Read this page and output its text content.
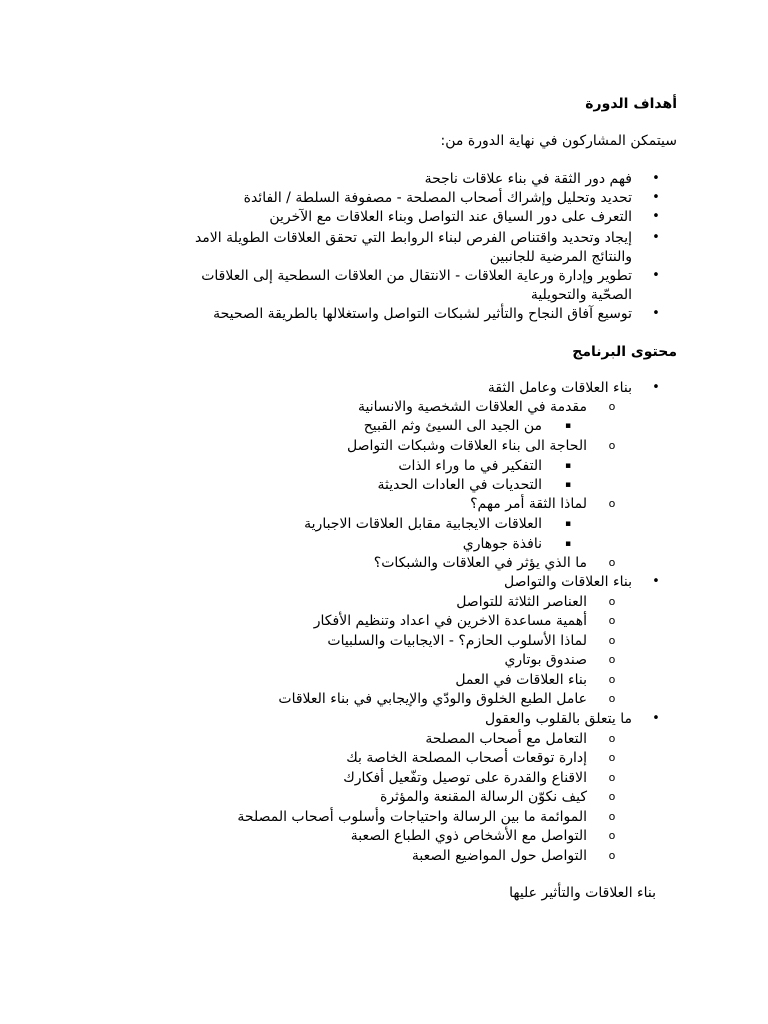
أهداف الدورة
سيتمكن المشاركون في نهاية الدورة من:
•
فهم دور الثقة في بناء علاقات ناجحة
•
تحديد وتحليل وإشراك أصحاب المصلحة - مصفوفة السلطة / الفائدة
•
التعرف على دور السياق عند التواصل وبناء العلاقات مع الآخرين
•
إيجاد وتحديد واقتناص الفرص لبناء الروابط التي تحقق العلاقات الطويلة الامد
والنتائج المرضية للجانبين
•
تطوير وإدارة ورعاية العلاقات - الانتقال من العلاقات السطحية إلى العلاقات
الصحّية والتحويلية
•
توسيع آفاق النجاح والتأثير لشبكات التواصل واستغلالها بالطريقة الصحيحة
محتوى البرنامج
•
بناء العلاقات وعامل الثقة
o
مقدمة في العلاقات الشخصية والانسانية
▪
من الجيد الى السيئ وثم القبيح
o
الحاجة الى بناء العلاقات وشبكات التواصل
▪
التفكير في ما وراء الذات
▪
التحديات في العادات الحديثة
o
لماذا الثقة أمر مهم؟
▪
العلاقات الايجابية مقابل العلاقات الاجبارية
▪
نافذة جوهاري
o
ما الذي يؤثر في العلاقات والشبكات؟
•
بناء العلاقات والتواصل
o
العناصر الثلاثة للتواصل
o
أهمية مساعدة الاخرين في اعداد وتنظيم الأفكار
o
لماذا الأسلوب الحازم؟ - الايجابيات والسلبيات
o
صندوق بوتاري
o
بناء العلاقات في العمل
o
عامل الطبع الخلوق والودّي والإيجابي في بناء العلاقات
•
ما يتعلق بالقلوب والعقول
o
التعامل مع أصحاب المصلحة
o
إدارة توقعات أصحاب المصلحة الخاصة بك
o
الاقناع والقدرة على توصيل وتفّعيل أفكارك
o
كيف نكوّن الرسالة المقنعة والمؤثرة
o
الموائمة ما بين الرسالة واحتياجات وأسلوب أصحاب المصلحة
o
التواصل مع الأشخاص ذوي الطباع الصعبة
o
التواصل حول المواضيع الصعبة
بناء العلاقات والتأثير عليها
